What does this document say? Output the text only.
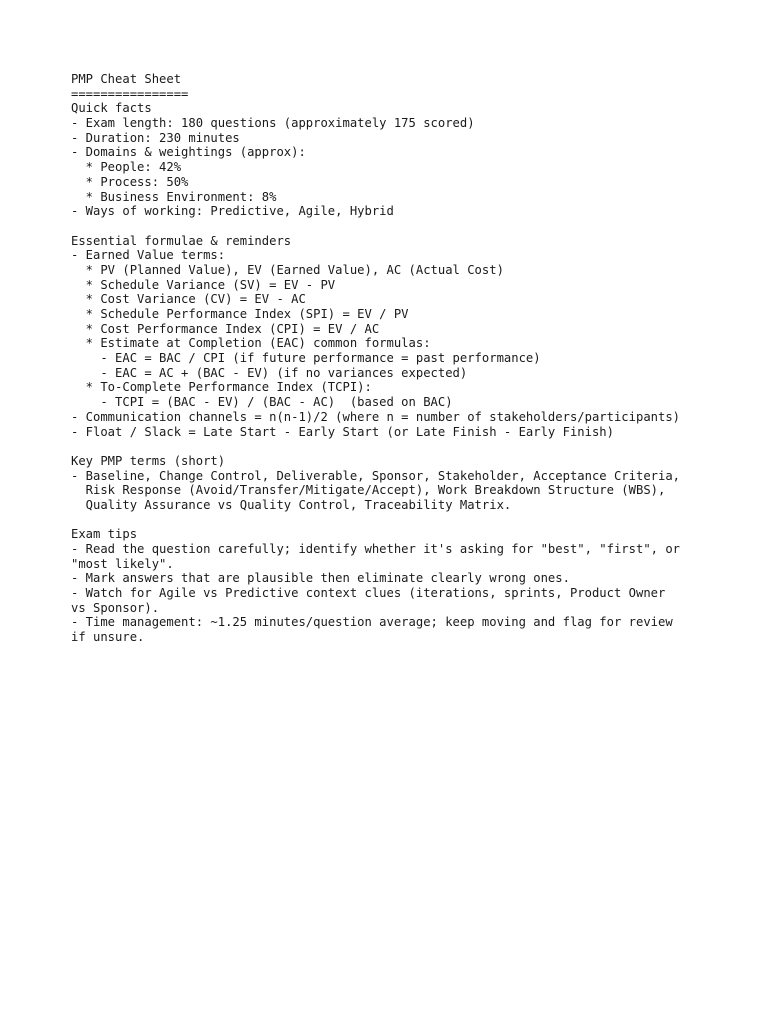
PMP Cheat Sheet
================
Quick facts
- Exam length: 180 questions (approximately 175 scored)
- Duration: 230 minutes
- Domains & weightings (approx):
* People: 42%
* Process: 50%
* Business Environment: 8%
- Ways of working: Predictive, Agile, Hybrid
Essential formulae & reminders
- Earned Value terms:
* PV (Planned Value), EV (Earned Value), AC (Actual Cost)
* Schedule Variance (SV) = EV - PV
* Cost Variance (CV) = EV - AC
* Schedule Performance Index (SPI) = EV / PV
* Cost Performance Index (CPI) = EV / AC
* Estimate at Completion (EAC) common formulas:
- EAC = BAC / CPI (if future performance = past performance)
- EAC = AC + (BAC - EV) (if no variances expected)
* To-Complete Performance Index (TCPI):
- TCPI = (BAC - EV) / (BAC - AC)  (based on BAC)
- Communication channels = n(n-1)/2 (where n = number of stakeholders/participants)
- Float / Slack = Late Start - Early Start (or Late Finish - Early Finish)
Key PMP terms (short)
- Baseline, Change Control, Deliverable, Sponsor, Stakeholder, Acceptance Criteria,
Risk Response (Avoid/Transfer/Mitigate/Accept), Work Breakdown Structure (WBS),
Quality Assurance vs Quality Control, Traceability Matrix.
Exam tips
- Read the question carefully; identify whether it's asking for "best", "first", or
"most likely".
- Mark answers that are plausible then eliminate clearly wrong ones.
- Watch for Agile vs Predictive context clues (iterations, sprints, Product Owner
vs Sponsor).
- Time management: ~1.25 minutes/question average; keep moving and flag for review
if unsure.
